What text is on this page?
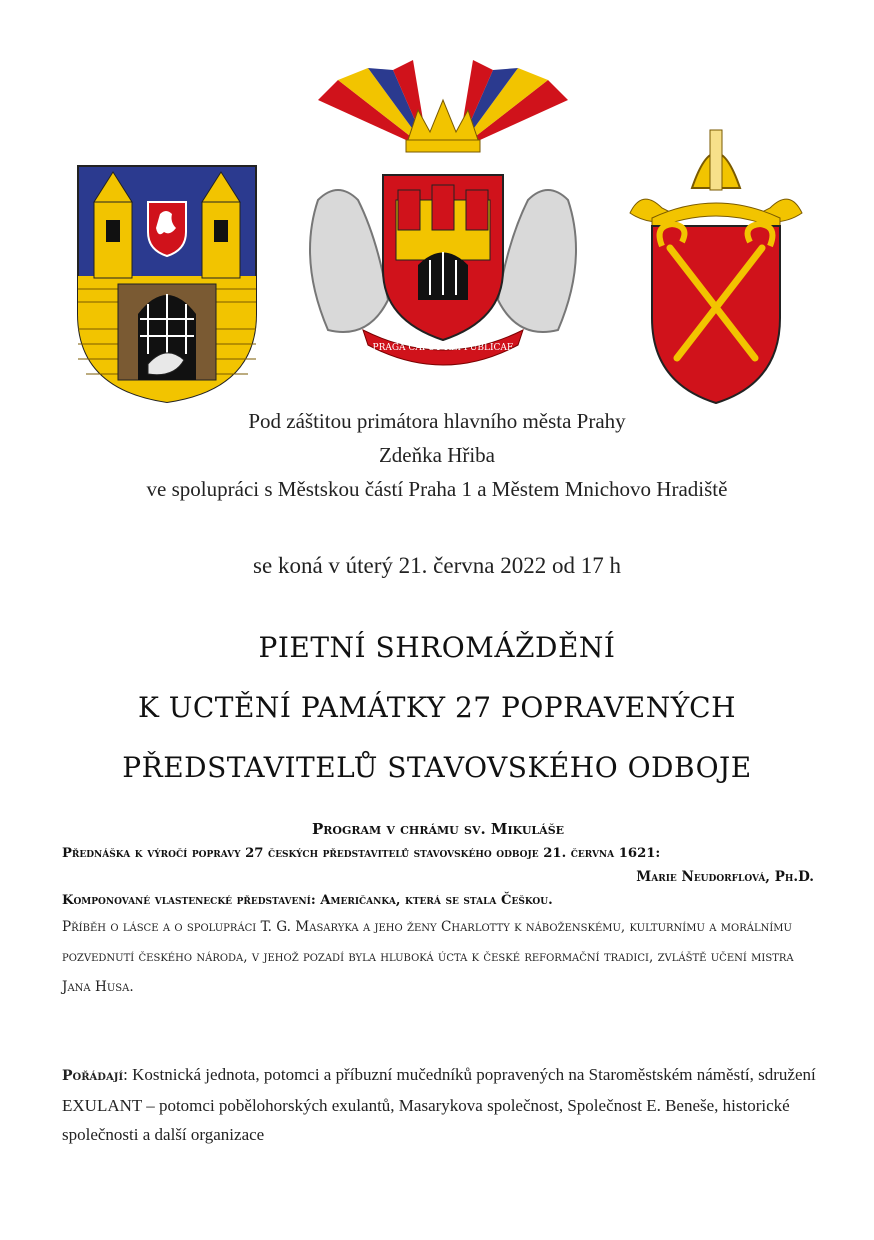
PRAGA CAPUT REI PUBLICAE
Pod záštitou primátora hlavního města Prahy
Zdeňka Hřiba
ve spolupráci s Městskou částí Praha 1 a Městem Mnichovo Hradiště
se koná v úterý 21. června 2022 od 17 h
PIETNÍ SHROMÁŽDĚNÍ
K UCTĚNÍ PAMÁTKY 27 POPRAVENÝCH
PŘEDSTAVITELŮ STAVOVSKÉHO ODBOJE
Program v chrámu sv. Mikuláše
Přednáška k výročí popravy 27 českých představitelů stavovského odboje 21. června 1621:
Marie Neudorflová, Ph.D.
Komponované vlastenecké představení: Američanka, která se stala Češkou.
Příběh o lásce a o spolupráci T. G. Masaryka a jeho ženy Charlotty k náboženskému, kulturnímu a morálnímu pozvednutí českého národa, v jehož pozadí byla hluboká úcta k české reformační tradici, zvláště učení mistra Jana Husa.
Pořádají: Kostnická jednota, potomci a příbuzní mučedníků popravených na Staroměstském náměstí, sdružení EXULANT – potomci pobělohorských exulantů, Masarykova společnost, Společnost E. Beneše, historické společnosti a další organizace
